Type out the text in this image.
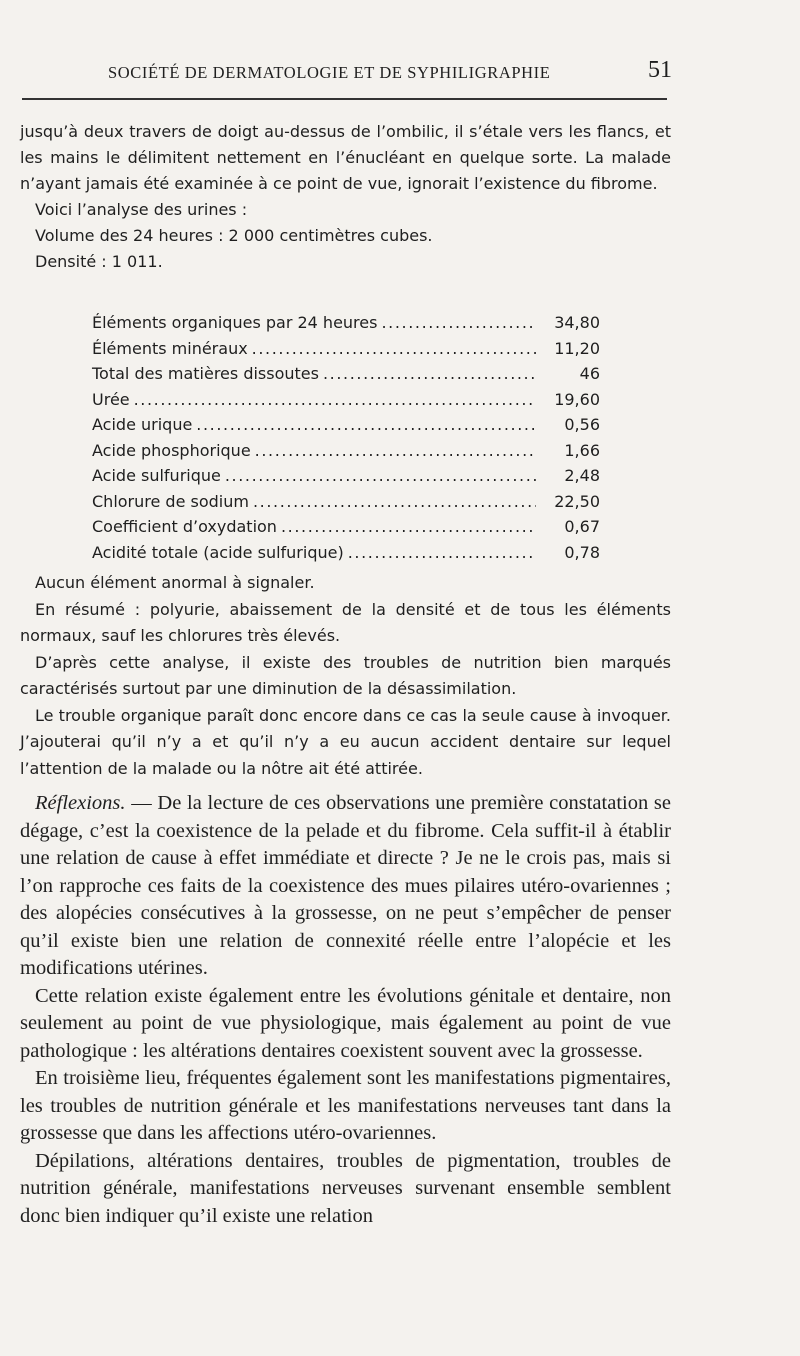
SOCIÉTÉ DE DERMATOLOGIE ET DE SYPHILIGRAPHIE	51

jusqu’à deux travers de doigt au-dessus de l’ombilic, il s’étale vers les flancs, et les mains le délimitent nettement en l’énucléant en quelque sorte. La malade n’ayant jamais été examinée à ce point de vue, ignorait l’existence du fibrome.

Voici l’analyse des urines :

Volume des 24 heures : 2 000 centimètres cubes.

Densité : 1 011.

Éléments organiques par 24 heures .....	34,80
Éléments minéraux .....	11,20
Total des matières dissoutes .....	46
Urée .....	19,60
Acide urique .....	0,56
Acide phosphorique .....	1,66
Acide sulfurique .....	2,48
Chlorure de sodium .....	22,50
Coefficient d’oxydation .....	0,67
Acidité totale (acide sulfurique) .....	0,78

Aucun élément anormal à signaler.

En résumé : polyurie, abaissement de la densité et de tous les éléments normaux, sauf les chlorures très élevés.

D’après cette analyse, il existe des troubles de nutrition bien marqués caractérisés surtout par une diminution de la désassimilation.

Le trouble organique paraît donc encore dans ce cas la seule cause à invoquer. J’ajouterai qu’il n’y a et qu’il n’y a eu aucun accident dentaire sur lequel l’attention de la malade ou la nôtre ait été attirée.

Réflexions. — De la lecture de ces observations une première constatation se dégage, c’est la coexistence de la pelade et du fibrome. Cela suffit-il à établir une relation de cause à effet immédiate et directe ? Je ne le crois pas, mais si l’on rapproche ces faits de la coexistence des mues pilaires utéro-ovariennes ; des alopécies consécutives à la grossesse, on ne peut s’empêcher de penser qu’il existe bien une relation de connexité réelle entre l’alopécie et les modifications utérines.

Cette relation existe également entre les évolutions génitale et dentaire, non seulement au point de vue physiologique, mais également au point de vue pathologique : les altérations dentaires coexistent souvent avec la grossesse.

En troisième lieu, fréquentes également sont les manifestations pigmentaires, les troubles de nutrition générale et les manifestations nerveuses tant dans la grossesse que dans les affections utéro-ovariennes.

Dépilations, altérations dentaires, troubles de pigmentation, troubles de nutrition générale, manifestations nerveuses survenant ensemble semblent donc bien indiquer qu’il existe une relation
